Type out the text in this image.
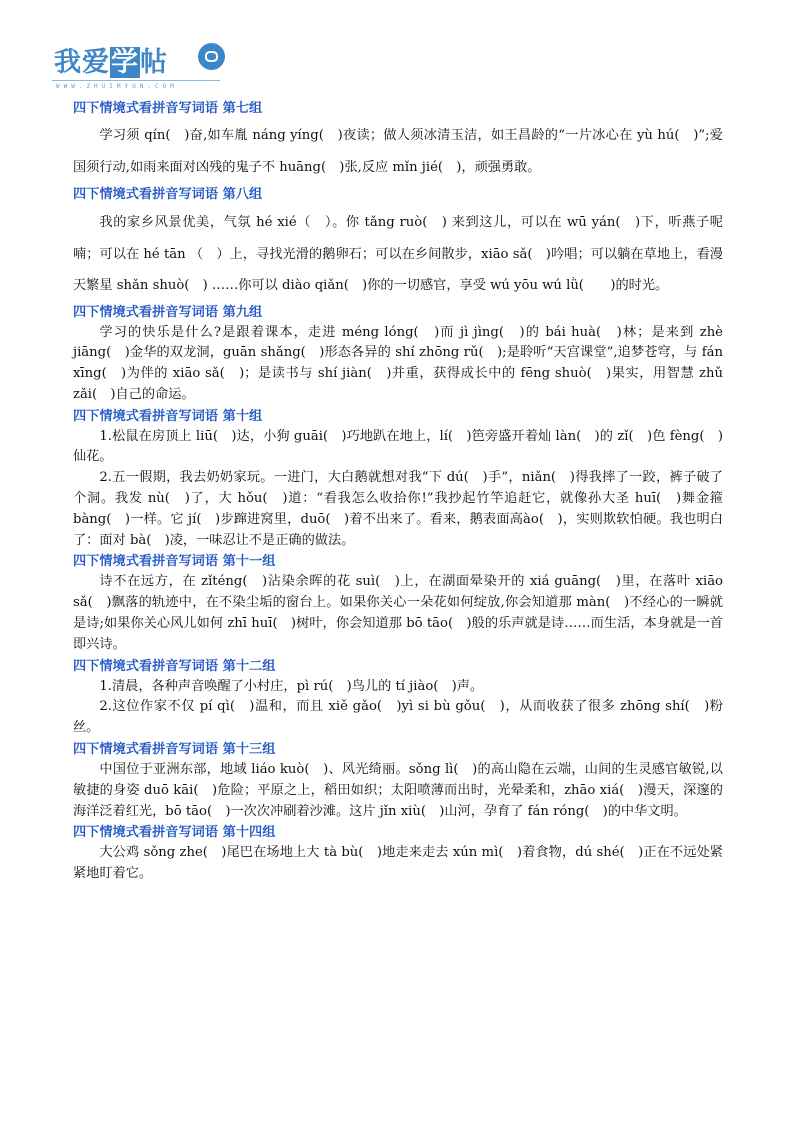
我爱学帖
WWW.ZHUIMYUN.COM
四下情境式看拼音写词语 第七组

学习须 qín(　)奋,如车胤 náng yíng(　)夜读；做人须冰清玉洁，如王昌龄的“一片冰心在 yù hú(　)”;爱国须行动,如雨来面对凶残的鬼子不 huāng(　)张,反应 mǐn jié(　)，顽强勇敢。

四下情境式看拼音写词语 第八组

我的家乡风景优美，气氛 hé xié（　）。你 tǎng ruò(　) 来到这儿，可以在 wū yán(　)下，听燕子呢喃；可以在 hé tān （　）上，寻找光滑的鹅卵石；可以在乡间散步，xiāo sǎ(　)吟唱；可以躺在草地上，看漫天繁星 shǎn shuò(　) ……你可以 diào qiǎn(　)你的一切感官，享受 wú yōu wú lǜ(　　)的时光。

四下情境式看拼音写词语 第九组

学习的快乐是什么?是跟着课本，走进 méng lóng(　)而 jì jìng(　)的 bái huà(　)林；是来到 zhè jiāng(　)金华的双龙洞，guān shǎng(　)形态各异的 shí zhōng rǔ(　);是聆听“天宫课堂”,追梦苍穹，与 fán xīng(　)为伴的 xiāo sǎ(　)；是读书与 shí jiàn(　)并重，获得成长中的 fēng shuò(　)果实，用智慧 zhǔ zǎi(　)自己的命运。

四下情境式看拼音写词语 第十组

1.松鼠在房顶上 liū(　)达，小狗 guāi(　)巧地趴在地上，lí(　)笆旁盛开着灿 làn(　)的 zǐ(　)色 fèng(　)仙花。

2.五一假期，我去奶奶家玩。一进门，大白鹅就想对我“下 dú(　)手”，niǎn(　)得我摔了一跤，裤子破了个洞。我发 nù(　)了，大 hǒu(　)道：“看我怎么收拾你!”我抄起竹竿追赶它，就像孙大圣 huī(　)舞金箍 bàng(　)一样。它 jí(　)步蹿进窝里，duō(　)着不出来了。看来，鹅表面高ào(　)，实则欺软怕硬。我也明白了：面对 bà(　)凌，一味忍让不是正确的做法。

四下情境式看拼音写词语 第十一组

诗不在远方，在 zǐténg(　)沾染余晖的花 suì(　)上，在湖面晕染开的 xiá guāng(　)里，在落叶 xiāo sǎ(　)飘落的轨迹中，在不染尘垢的窗台上。如果你关心一朵花如何绽放,你会知道那 màn(　)不经心的一瞬就是诗;如果你关心风儿如何 zhī huī(　)树叶，你会知道那 bō tāo(　)般的乐声就是诗……而生活，本身就是一首即兴诗。

四下情境式看拼音写词语 第十二组

1.清晨，各种声音唤醒了小村庄，pì rú(　)鸟儿的 tí jiào(　)声。

2.这位作家不仅 pí qì(　)温和，而且 xiě gǎo(　)yì si bù gǒu(　)，从而收获了很多 zhōng shí(　)粉丝。

四下情境式看拼音写词语 第十三组

中国位于亚洲东部，地域 liáo kuò(　)、风光绮丽。sǒng lì(　)的高山隐在云端，山间的生灵感官敏锐,以敏捷的身姿 duō kāi(　)危险；平原之上，稻田如织；太阳喷薄而出时，光晕柔和，zhāo xiá(　)漫天，深邃的海洋泛着红光，bō tāo(　)一次次冲刷着沙滩。这片 jǐn xiù(　)山河，孕育了 fán róng(　)的中华文明。

四下情境式看拼音写词语 第十四组

大公鸡 sǒng zhe(　)尾巴在场地上大 tà bù(　)地走来走去 xún mì(　)着食物，dú shé(　)正在不远处紧紧地盯着它。
